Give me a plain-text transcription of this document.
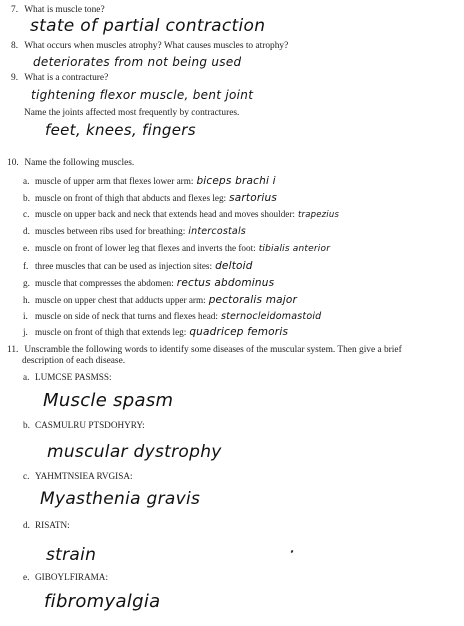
7. What is muscle tone?
state of partial contraction
8. What occurs when muscles atrophy? What causes muscles to atrophy?
deteriorates from not being used
9. What is a contracture?
tightening flexor muscle, bent joint
Name the joints affected most frequently by contractures.
feet, knees, fingers
10. Name the following muscles.
a. muscle of upper arm that flexes lower arm: biceps brachi i
b. muscle on front of thigh that abducts and flexes leg: sartorius
c. muscle on upper back and neck that extends head and moves shoulder: trapezius
d. muscles between ribs used for breathing: intercostals
e. muscle on front of lower leg that flexes and inverts the foot: tibialis anterior
f. three muscles that can be used as injection sites: deltoid
g. muscle that compresses the abdomen: rectus abdominus
h. muscle on upper chest that adducts upper arm: pectoralis major
i. muscle on side of neck that turns and flexes head: sternocleidomastoid
j. muscle on front of thigh that extends leg: quadricep femoris
11. Unscramble the following words to identify some diseases of the muscular system. Then give a brief
description of each disease.
a. LUMCSE PASMSS:
Muscle spasm
b. CASMULRU PTSDOHYRY:
muscular dystrophy
c. YAHMTNSIEA RVGISA:
Myasthenia gravis
d. RISATN:
strain
e. GIBOYLFIRAMA:
fibromyalgia
